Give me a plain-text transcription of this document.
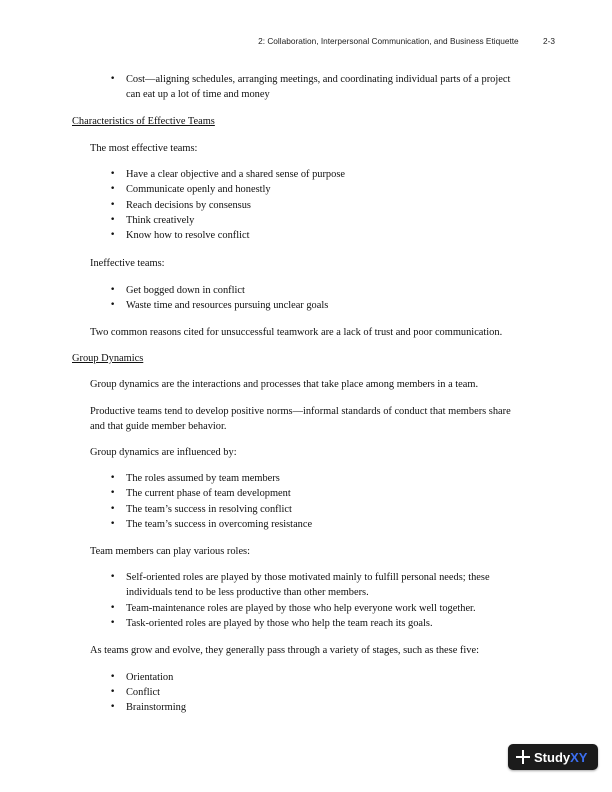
2: Collaboration, Interpersonal Communication, and Business Etiquette	2-3
• Cost—aligning schedules, arranging meetings, and coordinating individual parts of a project
can eat up a lot of time and money
Characteristics of Effective Teams
The most effective teams:
• Have a clear objective and a shared sense of purpose
• Communicate openly and honestly
• Reach decisions by consensus
• Think creatively
• Know how to resolve conflict
Ineffective teams:
• Get bogged down in conflict
• Waste time and resources pursuing unclear goals
Two common reasons cited for unsuccessful teamwork are a lack of trust and poor communication.
Group Dynamics
Group dynamics are the interactions and processes that take place among members in a team.
Productive teams tend to develop positive norms—informal standards of conduct that members share
and that guide member behavior.
Group dynamics are influenced by:
• The roles assumed by team members
• The current phase of team development
• The team’s success in resolving conflict
• The team’s success in overcoming resistance
Team members can play various roles:
• Self-oriented roles are played by those motivated mainly to fulfill personal needs; these
individuals tend to be less productive than other members.
• Team-maintenance roles are played by those who help everyone work well together.
• Task-oriented roles are played by those who help the team reach its goals.
As teams grow and evolve, they generally pass through a variety of stages, such as these five:
• Orientation
• Conflict
• Brainstorming
Study XY
